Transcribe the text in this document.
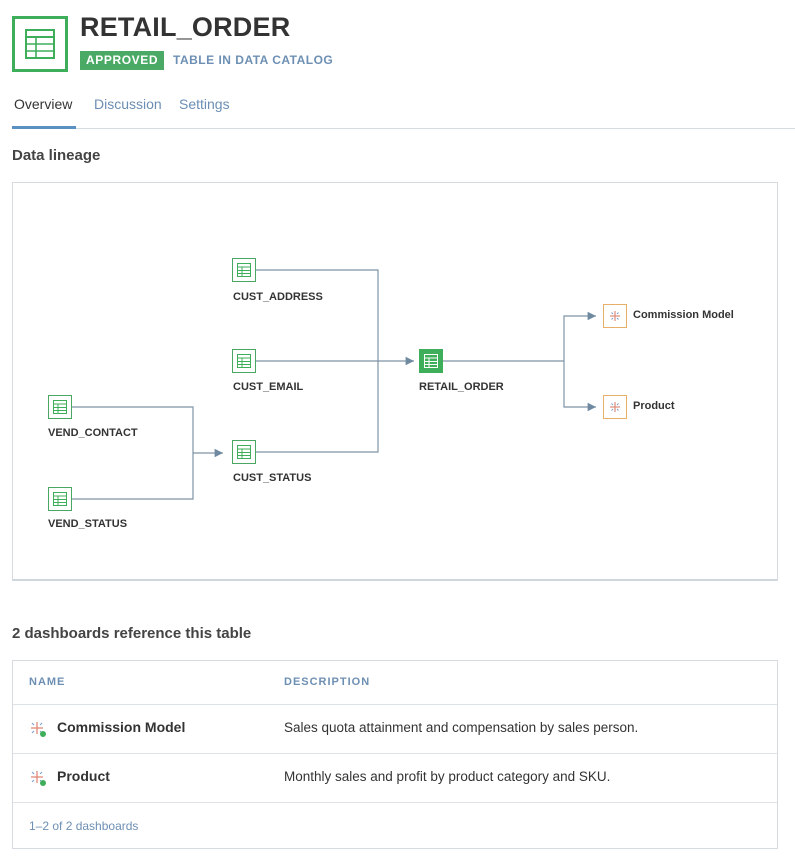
RETAIL_ORDER
APPROVED	TABLE IN DATA CATALOG
Overview Discussion Settings
Data lineage
VEND_CONTACT
VEND_STATUS
CUST_ADDRESS
CUST_EMAIL
CUST_STATUS
RETAIL_ORDER
Commission Model
Product
2 dashboards reference this table
NAME	DESCRIPTION
Commission Model	Sales quota attainment and compensation by sales person.
Product	Monthly sales and profit by product category and SKU.
1–2 of 2 dashboards
